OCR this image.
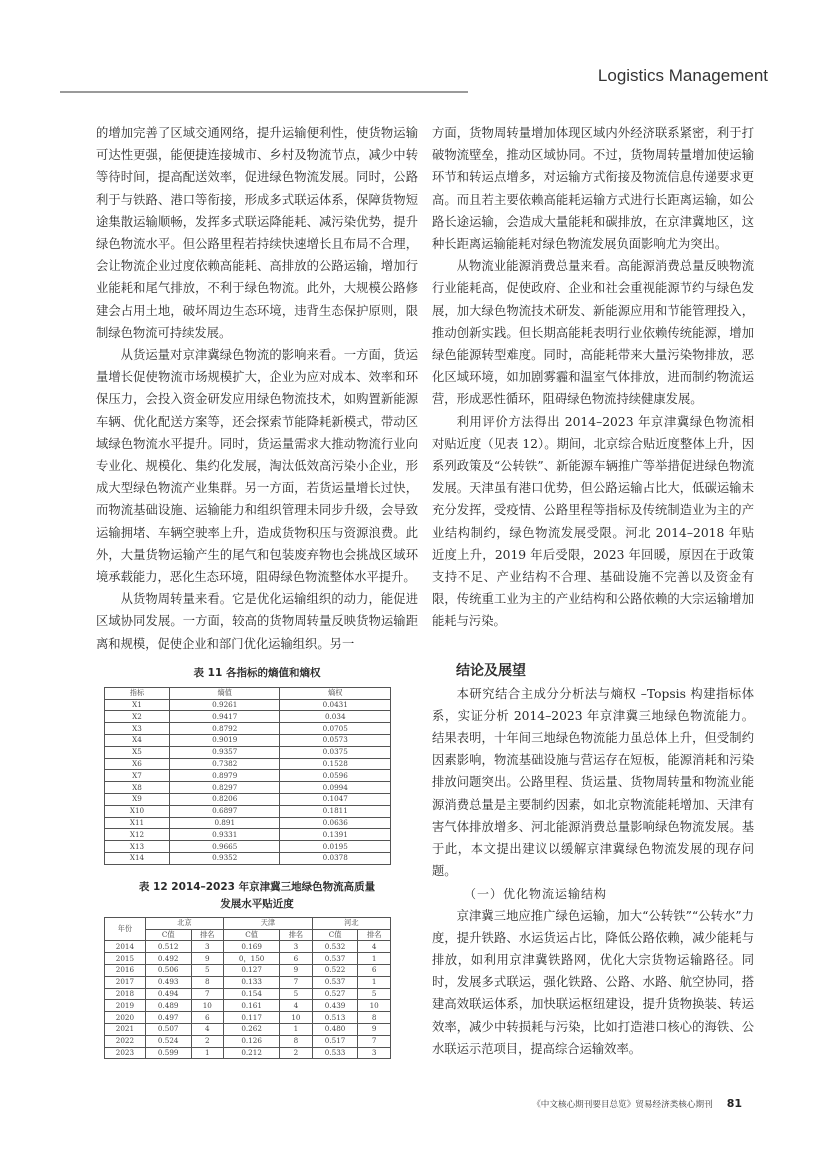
Logistics Management

的增加完善了区域交通网络，提升运输便利性，使货物运输可达性更强，能便捷连接城市、乡村及物流节点，减少中转等待时间，提高配送效率，促进绿色物流发展。同时，公路利于与铁路、港口等衔接，形成多式联运体系，保障货物短途集散运输顺畅，发挥多式联运降能耗、减污染优势，提升绿色物流水平。但公路里程若持续快速增长且布局不合理，会让物流企业过度依赖高能耗、高排放的公路运输，增加行业能耗和尾气排放，不利于绿色物流。此外，大规模公路修建会占用土地，破坏周边生态环境，违背生态保护原则，限制绿色物流可持续发展。

从货运量对京津冀绿色物流的影响来看。一方面，货运量增长促使物流市场规模扩大，企业为应对成本、效率和环保压力，会投入资金研发应用绿色物流技术，如购置新能源车辆、优化配送方案等，还会探索节能降耗新模式，带动区域绿色物流水平提升。同时，货运量需求大推动物流行业向专业化、规模化、集约化发展，淘汰低效高污染小企业，形成大型绿色物流产业集群。另一方面，若货运量增长过快，而物流基础设施、运输能力和组织管理未同步升级，会导致运输拥堵、车辆空驶率上升，造成货物积压与资源浪费。此外，大量货物运输产生的尾气和包装废弃物也会挑战区域环境承载能力，恶化生态环境，阻碍绿色物流整体水平提升。

从货物周转量来看。它是优化运输组织的动力，能促进区域协同发展。一方面，较高的货物周转量反映货物运输距离和规模，促使企业和部门优化运输组织。另一

表 11 各指标的熵值和熵权

指标	熵值	熵权
X1	0.9261	0.0431
X2	0.9417	0.034
X3	0.8792	0.0705
X4	0.9019	0.0573
X5	0.9357	0.0375
X6	0.7382	0.1528
X7	0.8979	0.0596
X8	0.8297	0.0994
X9	0.8206	0.1047
X10	0.6897	0.1811
X11	0.891	0.0636
X12	0.9331	0.1391
X13	0.9665	0.0195
X14	0.9352	0.0378

表 12 2014–2023 年京津冀三地绿色物流高质量

发展水平贴近度

年份	北京		天津		河北	
	C值	排名	C值	排名	C值	排名
2014	0.512	3	0.169	3	0.532	4
2015	0.492	9	0，150	6	0.537	1
2016	0.506	5	0.127	9	0.522	6
2017	0.493	8	0.133	7	0.537	1
2018	0.494	7	0.154	5	0.527	5
2019	0.489	10	0.161	4	0.439	10
2020	0.497	6	0.117	10	0.513	8
2021	0.507	4	0.262	1	0.480	9
2022	0.524	2	0.126	8	0.517	7
2023	0.599	1	0.212	2	0.533	3

方面，货物周转量增加体现区域内外经济联系紧密，利于打破物流壁垒，推动区域协同。不过，货物周转量增加使运输环节和转运点增多，对运输方式衔接及物流信息传递要求更高。而且若主要依赖高能耗运输方式进行长距离运输，如公路长途运输，会造成大量能耗和碳排放，在京津冀地区，这种长距离运输能耗对绿色物流发展负面影响尤为突出。

从物流业能源消费总量来看。高能源消费总量反映物流行业能耗高，促使政府、企业和社会重视能源节约与绿色发展，加大绿色物流技术研发、新能源应用和节能管理投入，推动创新实践。但长期高能耗表明行业依赖传统能源，增加绿色能源转型难度。同时，高能耗带来大量污染物排放，恶化区域环境，如加剧雾霾和温室气体排放，进而制约物流运营，形成恶性循环，阻碍绿色物流持续健康发展。

利用评价方法得出 2014–2023 年京津冀绿色物流相对贴近度（见表 12）。期间，北京综合贴近度整体上升，因系列政策及“公转铁”、新能源车辆推广等举措促进绿色物流发展。天津虽有港口优势，但公路运输占比大，低碳运输未充分发挥，受疫情、公路里程等指标及传统制造业为主的产业结构制约，绿色物流发展受限。河北 2014–2018 年贴近度上升，2019 年后受限，2023 年回暖，原因在于政策支持不足、产业结构不合理、基础设施不完善以及资金有限，传统重工业为主的产业结构和公路依赖的大宗运输增加能耗与污染。

结论及展望

本研究结合主成分分析法与熵权 –Topsis 构建指标体系，实证分析 2014–2023 年京津冀三地绿色物流能力。结果表明，十年间三地绿色物流能力虽总体上升，但受制约因素影响，物流基础设施与营运存在短板，能源消耗和污染排放问题突出。公路里程、货运量、货物周转量和物流业能源消费总量是主要制约因素，如北京物流能耗增加、天津有害气体排放增多、河北能源消费总量影响绿色物流发展。基于此，本文提出建议以缓解京津冀绿色物流发展的现存问题。

（一）优化物流运输结构

京津冀三地应推广绿色运输，加大“公转铁”“公转水”力度，提升铁路、水运货运占比，降低公路依赖，减少能耗与排放，如利用京津冀铁路网，优化大宗货物运输路径。同时，发展多式联运，强化铁路、公路、水路、航空协同，搭建高效联运体系，加快联运枢纽建设，提升货物换装、转运效率，减少中转损耗与污染，比如打造港口核心的海铁、公水联运示范项目，提高综合运输效率。

《中文核心期刊要目总览》贸易经济类核心期刊 81
